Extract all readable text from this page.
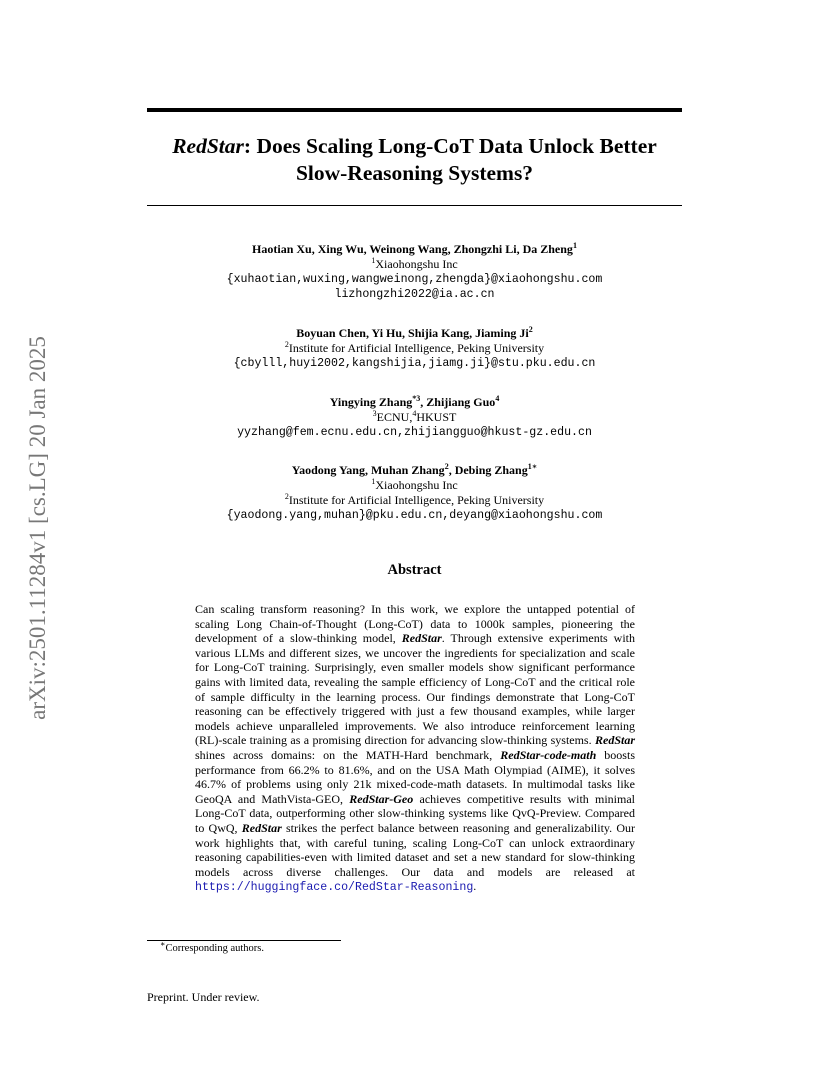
arXiv:2501.11284v1 [cs.LG] 20 Jan 2025
RedStar: Does Scaling Long-CoT Data Unlock Better
Slow-Reasoning Systems?
Haotian Xu, Xing Wu, Weinong Wang, Zhongzhi Li, Da Zheng$^1$
$^1$Xiaohongshu Inc
{xuhaotian,wuxing,wangweinong,zhengda}@xiaohongshu.com
lizhongzhi2022@ia.ac.cn
Boyuan Chen, Yi Hu, Shijia Kang, Jiaming Ji$^2$
$^2$Institute for Artificial Intelligence, Peking University
{cbylll,huyi2002,kangshijia,jiamg.ji}@stu.pku.edu.cn
Yingying Zhang$^{*3}$, Zhijiang Guo$^4$
$^3$ECNU,$^4$HKUST
yyzhang@fem.ecnu.edu.cn,zhijiangguo@hkust-gz.edu.cn
Yaodong Yang, Muhan Zhang$^2$, Debing Zhang$^{1∗}$
$^1$Xiaohongshu Inc
$^2$Institute for Artificial Intelligence, Peking University
{yaodong.yang,muhan}@pku.edu.cn,deyang@xiaohongshu.com
Abstract
Can scaling transform reasoning? In this work, we explore the untapped potential of scaling Long Chain-of-Thought (Long-CoT) data to 1000k samples, pioneering the development of a slow-thinking model, RedStar. Through extensive experiments with various LLMs and different sizes, we uncover the ingredients for specialization and scale for Long-CoT training. Surprisingly, even smaller models show significant performance gains with limited data, revealing the sample efficiency of Long-CoT and the critical role of sample difficulty in the learning process. Our findings demonstrate that Long-CoT reasoning can be effectively triggered with just a few thousand examples, while larger models achieve unparalleled improvements. We also introduce reinforcement learning (RL)-scale training as a promising direction for advancing slow-thinking systems. RedStar shines across domains: on the MATH-Hard benchmark, RedStar-code-math boosts performance from 66.2% to 81.6%, and on the USA Math Olympiad (AIME), it solves 46.7% of problems using only 21k mixed-code-math datasets. In multimodal tasks like GeoQA and MathVista-GEO, RedStar-Geo achieves competitive results with minimal Long-CoT data, outperforming other slow-thinking systems like QvQ-Preview. Compared to QwQ, RedStar strikes the perfect balance between reasoning and generalizability. Our work highlights that, with careful tuning, scaling Long-CoT can unlock extraordinary reasoning capabilities-even with limited dataset and set a new standard for slow-thinking models across diverse challenges. Our data and models are released at https://huggingface.co/RedStar-Reasoning.
∗Corresponding authors.
Preprint. Under review.
